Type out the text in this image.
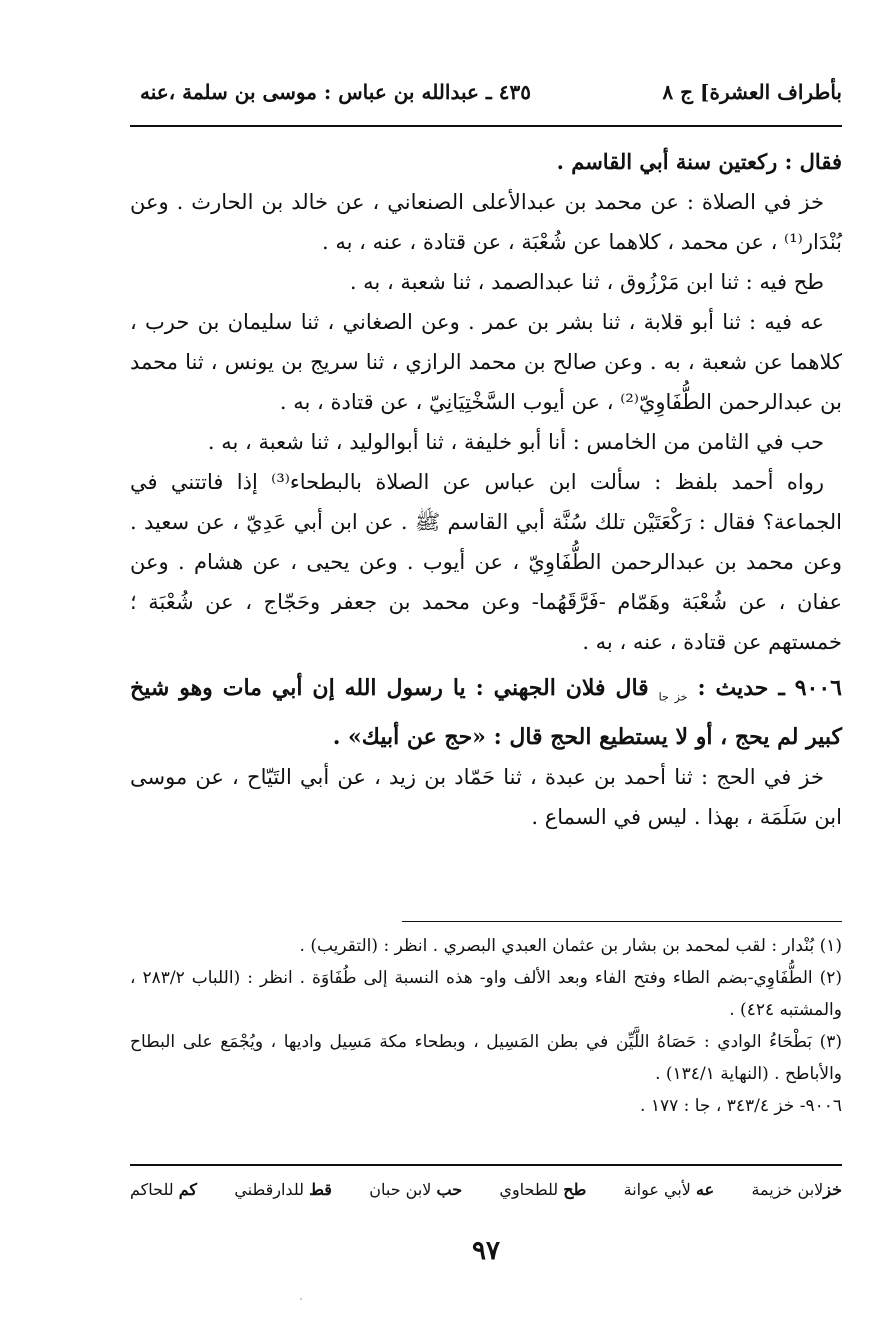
بأطراف العشرة] ج ٨
٤٣٥ ـ عبدالله بن عباس : موسى بن سلمة ،عنه

فقال : ركعتين سنة أبي القاسم .

خز في الصلاة : عن محمد بن عبدالأعلى الصنعاني ، عن خالد بن الحارث . وعن بُنْدَار⁽¹⁾ ، عن محمد ، كلاهما عن شُعْبَة ، عن قتادة ، عنه ، به .

طح فيه : ثنا ابن مَرْزُوق ، ثنا عبدالصمد ، ثنا شعبة ، به .

عه فيه : ثنا أبو قلابة ، ثنا بشر بن عمر . وعن الصغاني ، ثنا سليمان بن حرب ، كلاهما عن شعبة ، به . وعن صالح بن محمد الرازي ، ثنا سريج بن يونس ، ثنا محمد بن عبدالرحمن الطُّفَاوِيّ⁽²⁾ ، عن أيوب السَّخْتِيَانِيّ ، عن قتادة ، به .

حب في الثامن من الخامس : أنا أبو خليفة ، ثنا أبوالوليد ، ثنا شعبة ، به .

رواه أحمد بلفظ : سألت ابن عباس عن الصلاة بالبطحاء⁽³⁾ إذا فاتتني في الجماعة؟ فقال : رَكْعَتَيْن تلك سُنَّة أبي القاسم ﷺ . عن ابن أبي عَدِيّ ، عن سعيد . وعن محمد بن عبدالرحمن الطُّفَاوِيّ ، عن أيوب . وعن يحيى ، عن هشام . وعن عفان ، عن شُعْبَة وهَمّام -فَرَّقَهُما- وعن محمد بن جعفر وحَجّاج ، عن شُعْبَة ؛ خمستهم عن قتادة ، عنه ، به .

٩٠٠٦ ـ حديث : $_{خز جا}$ قال فلان الجهني : يا رسول الله إن أبي مات وهو شيخ كبير لم يحج ، أو لا يستطيع الحج قال : «حج عن أبيك» .

خز في الحج : ثنا أحمد بن عبدة ، ثنا حَمّاد بن زيد ، عن أبي التَيّاح ، عن موسى ابن سَلَمَة ، بهذا . ليس في السماع .

(١) بُنْدار : لقب لمحمد بن بشار بن عثمان العبدي البصري . انظر : (التقريب) .

(٢) الطُّفَاوِي-بضم الطاء وفتح الفاء وبعد الألف واو- هذه النسبة إلى طُفَاوَة . انظر : (اللباب ٢٨٣/٢ ، والمشتبه ٤٢٤) .

(٣) بَطْحَاءُ الوادي : حَصَاهُ اللَّيِّن في بطن المَسِيل ، وبطحاء مكة مَسِيل واديها ، ويُجْمَع على البطاح والأباطح . (النهاية ١٣٤/١) .

٩٠٠٦- خز ٣٤٣/٤ ، جا : ١٧٧ .

خزلابن خزيمة
عه لأبي عوانة
طح للطحاوي
حب لابن حبان
قط للدارقطني
كم للحاكم
٩٧
